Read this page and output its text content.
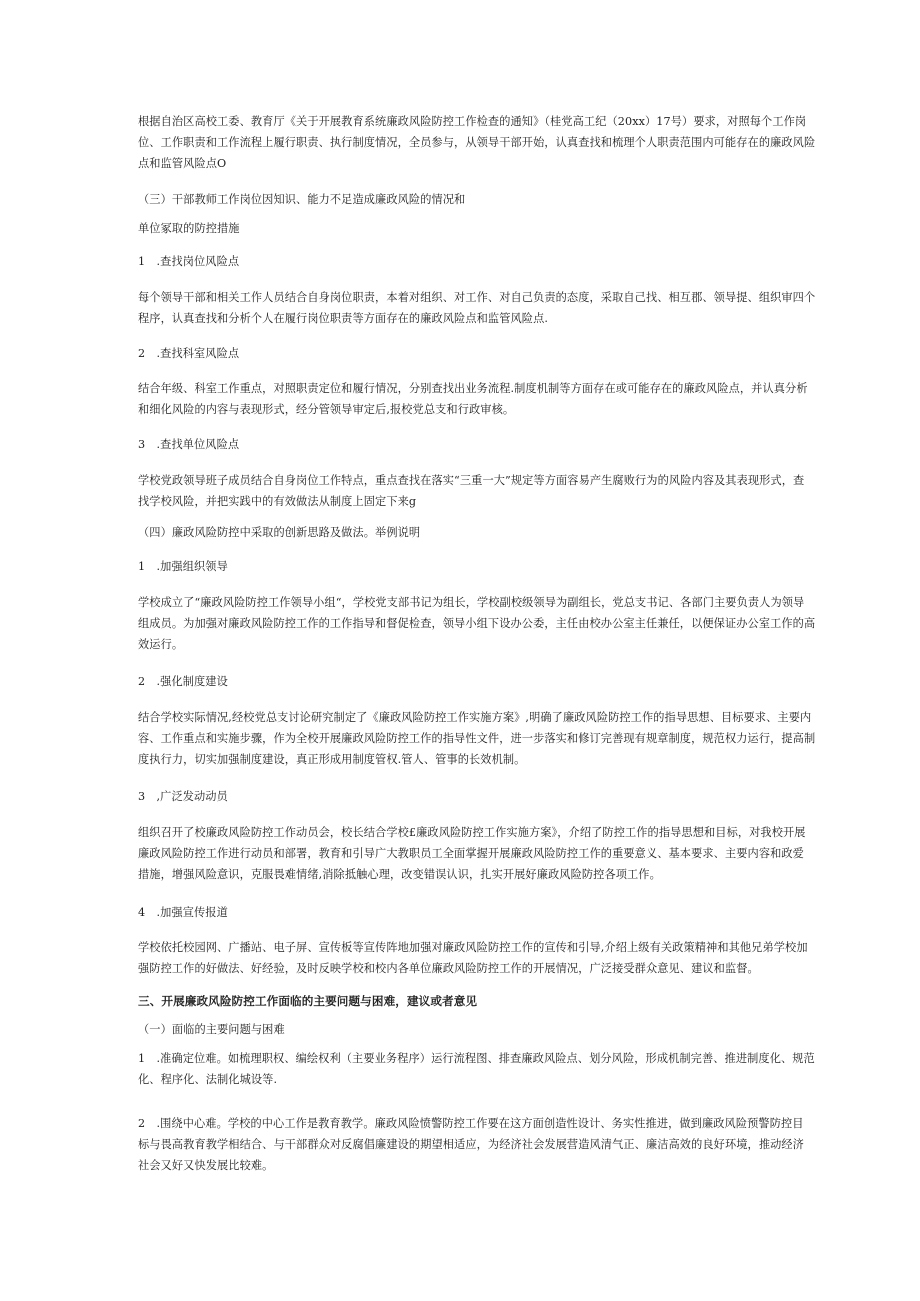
根据自治区高校工委、教育厅《关于开展教育系统廉政风险防控工作检查的通知》（桂党高工纪（20xx）17号）要求，对照每个工作岗
位、工作职责和工作流程上履行职责、执行制度情况，全员参与，从领导干部开始，认真查找和梳理个人职责范围内可能存在的廉政风险
点和监管风险点O
（三）干部教师工作岗位因知识、能力不足造成廉政风险的情况和
单位冢取的防控措施
1　.查找岗位风险点
每个领导干部和相关工作人员结合自身岗位职责，本着对组织、对工作、对自己负责的态度，采取自己找、相互郡、领导提、组织审四个
程序，认真查找和分析个人在履行岗位职责等方面存在的廉政风险点和监管风险点.
2　.查找科室风险点
结合年级、科室工作重点，对照职责定位和履行情况，分别查找出业务流程.制度机制等方面存在或可能存在的廉政风险点，并认真分析
和细化风险的内容与表现形式，经分管领导审定后,报校党总支和行政审核。
3　.查找单位风险点
学校党政领导班子成员结合自身岗位工作特点，重点查找在落实“三重一大”规定等方面容易产生腐败行为的风险内容及其表现形式，查
找学校风险，并把实践中的有效做法从制度上固定下来g
（四）廉政风险防控中采取的创新思路及做法。举例说明
1　.加强组织领导
学校成立了“廉政风险防控工作领导小组“，学校党支部书记为组长，学校副校级领导为副组长，党总支书记、各部门主要负责人为领导
组成员。为加强对廉政风险防控工作的工作指导和督促检查，领导小组下设办公委，主任由校办公室主任兼任，以便保证办公室工作的高
效运行。
2　.强化制度建设
结合学校实际情况,经校党总支讨论研究制定了《廉政风险防控工作实施方案》,明确了廉政风险防控工作的指导思想、目标要求、主要内
容、工作重点和实施步骤，作为全校开展廉政风险防控工作的指导性文件，进一步落实和修订完善现有规章制度，规范权力运行，提高制
度执行力，切实加强制度建设，真正形成用制度管权.管人、管事的长效机制。
3　,广泛发动动员
组织召开了校廉政风险防控工作动员会，校长结合学校£廉政风险防控工作实施方案》，介绍了防控工作的指导思想和目标，对我校开展
廉政风险防控工作进行动员和部署，教育和引导广大教职员工全面掌握开展廉政风险防控工作的重要意义、基本要求、主要内容和政爱
措施，增强风险意识，克服畏难情绪,消除抵触心理，改变错误认识，扎实开展好廉政风险防控各项工作。
4　.加强宣传报道
学校依托校园网、广播站、电子屏、宣传板等宣传阵地加强对廉政风险防控工作的宣传和引导,介绍上级有关政策精神和其他兄弟学校加
强防控工作的好做法、好经验，及时反映学校和校内各单位廉政风险防控工作的开展情况，广泛接受群众意见、建议和监督。
三、开展廉政风险防控工作面临的主要问题与困难，建议或者意见
（一）面临的主要问题与困难
1　.准确定位难。如梳理职权、编绘权利（主要业务程序）运行流程图、排查廉政风险点、划分风险，形成机制完善、推进制度化、规范
化、程序化、法制化城设等.
2　.围绕中心难。学校的中心工作是教育教学。廉政风险愤警防控工作要在这方面创造性设计、务实性推进，做到廉政风险预警防控目
标与畏高教育教学相结合、与干部群众对反腐倡廉建设的期望相适应，为经济社会发展营造风清气正、廉洁高效的良好环境，推动经济
社会又好又快发展比较难。
